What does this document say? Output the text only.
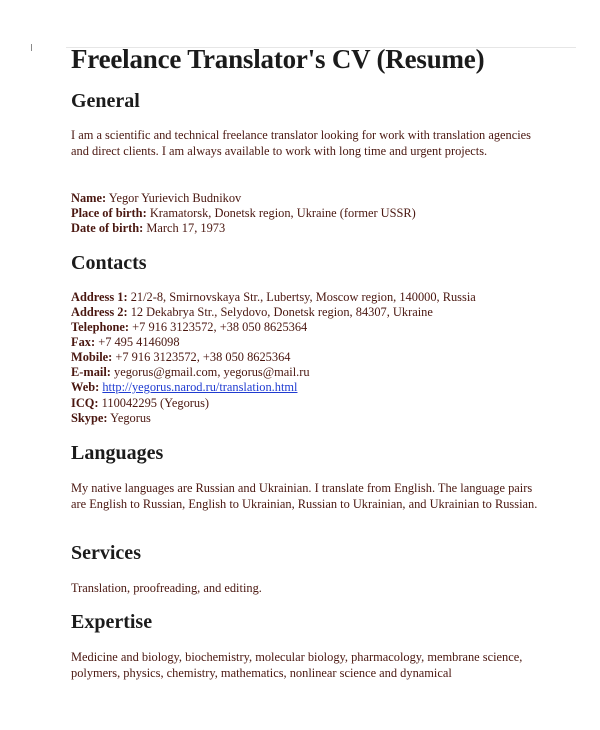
Freelance Translator's CV (Resume)
General

I am a scientific and technical freelance translator looking for work with translation agencies and direct clients. I am always available to work with long time and urgent projects.

Name: Yegor Yurievich Budnikov

Place of birth: Kramatorsk, Donetsk region, Ukraine (former USSR)

Date of birth: March 17, 1973

Contacts

Address 1: 21/2-8, Smirnovskaya Str., Lubertsy, Moscow region, 140000, Russia

Address 2: 12 Dekabrya Str., Selydovo, Donetsk region, 84307, Ukraine

Telephone: +7 916 3123572, +38 050 8625364

Fax: +7 495 4146098

Mobile: +7 916 3123572, +38 050 8625364

E-mail: yegorus@gmail.com, yegorus@mail.ru

Web: http://yegorus.narod.ru/translation.html

ICQ: 110042295 (Yegorus)

Skype: Yegorus

Languages

My native languages are Russian and Ukrainian. I translate from English. The language pairs are English to Russian, English to Ukrainian, Russian to Ukrainian, and Ukrainian to Russian.

Services

Translation, proofreading, and editing.

Expertise

Medicine and biology, biochemistry, molecular biology, pharmacology, membrane science, polymers, physics, chemistry, mathematics, nonlinear science and dynamical
